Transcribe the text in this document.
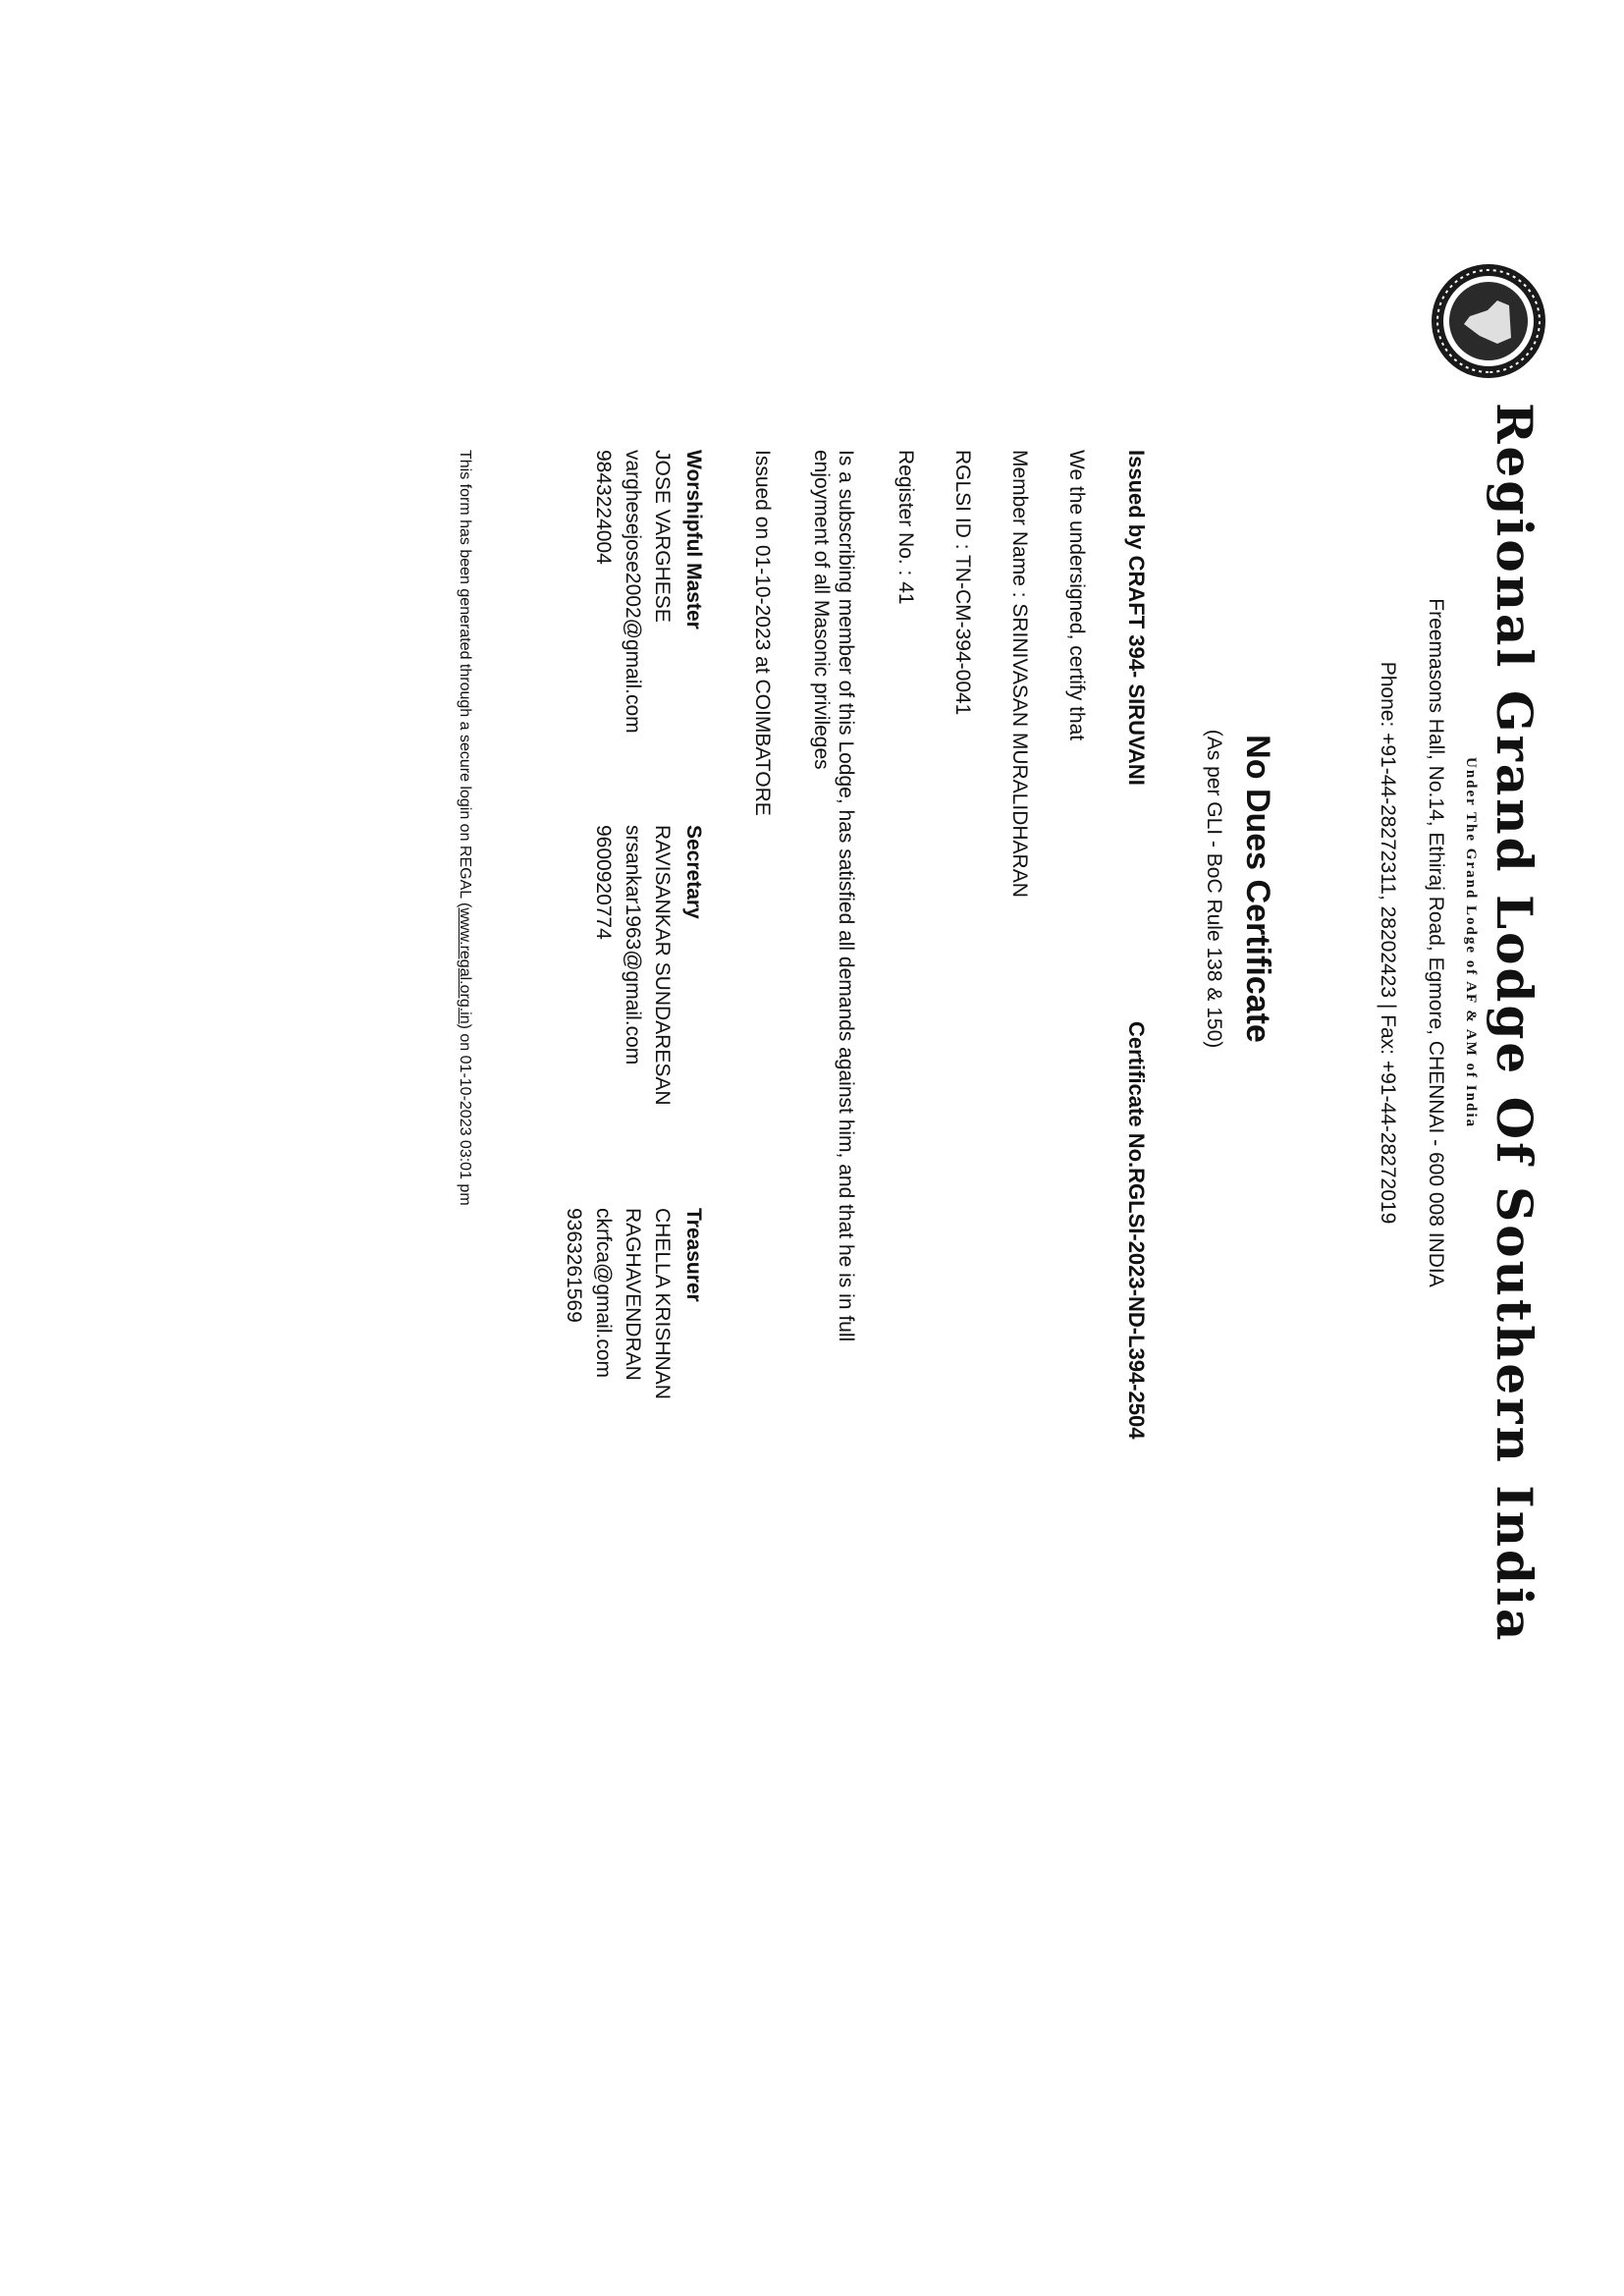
Regional Grand Lodge Of Southern India
Under The Grand Lodge of AF & AM of India
Freemasons Hall, No.14, Ethiraj Road, Egmore, CHENNAI - 600 008 INDIA
Phone: +91-44-28272311, 28202423 | Fax: +91-44-28272019
No Dues Certificate
(As per GLI - BoC Rule 138 & 150)
Issued by CRAFT 394- SIRUVANI
Certificate No.RGLSI-2023-ND-L394-2504
We the undersigned, certify that
Member Name : SRINIVASAN MURALIDHARAN
RGLSI ID : TN-CM-394-0041
Register No. : 41
Is a subscribing member of this Lodge, has satisfied all demands against him, and that he is in full
enjoyment of all Masonic privileges
Issued on 01-10-2023 at COIMBATORE
Worshipful Master
JOSE VARGHESE
varghesejose2002@gmail.com
9843224004
Secretary
RAVISANKAR SUNDARESAN
srsankar1963@gmail.com
9600920774
Treasurer
CHELLA KRISHNAN
RAGHAVENDRAN
ckrfca@gmail.com
9363261569
This form has been generated through a secure login on REGAL (www.regal.org.in) on 01-10-2023 03:01 pm
